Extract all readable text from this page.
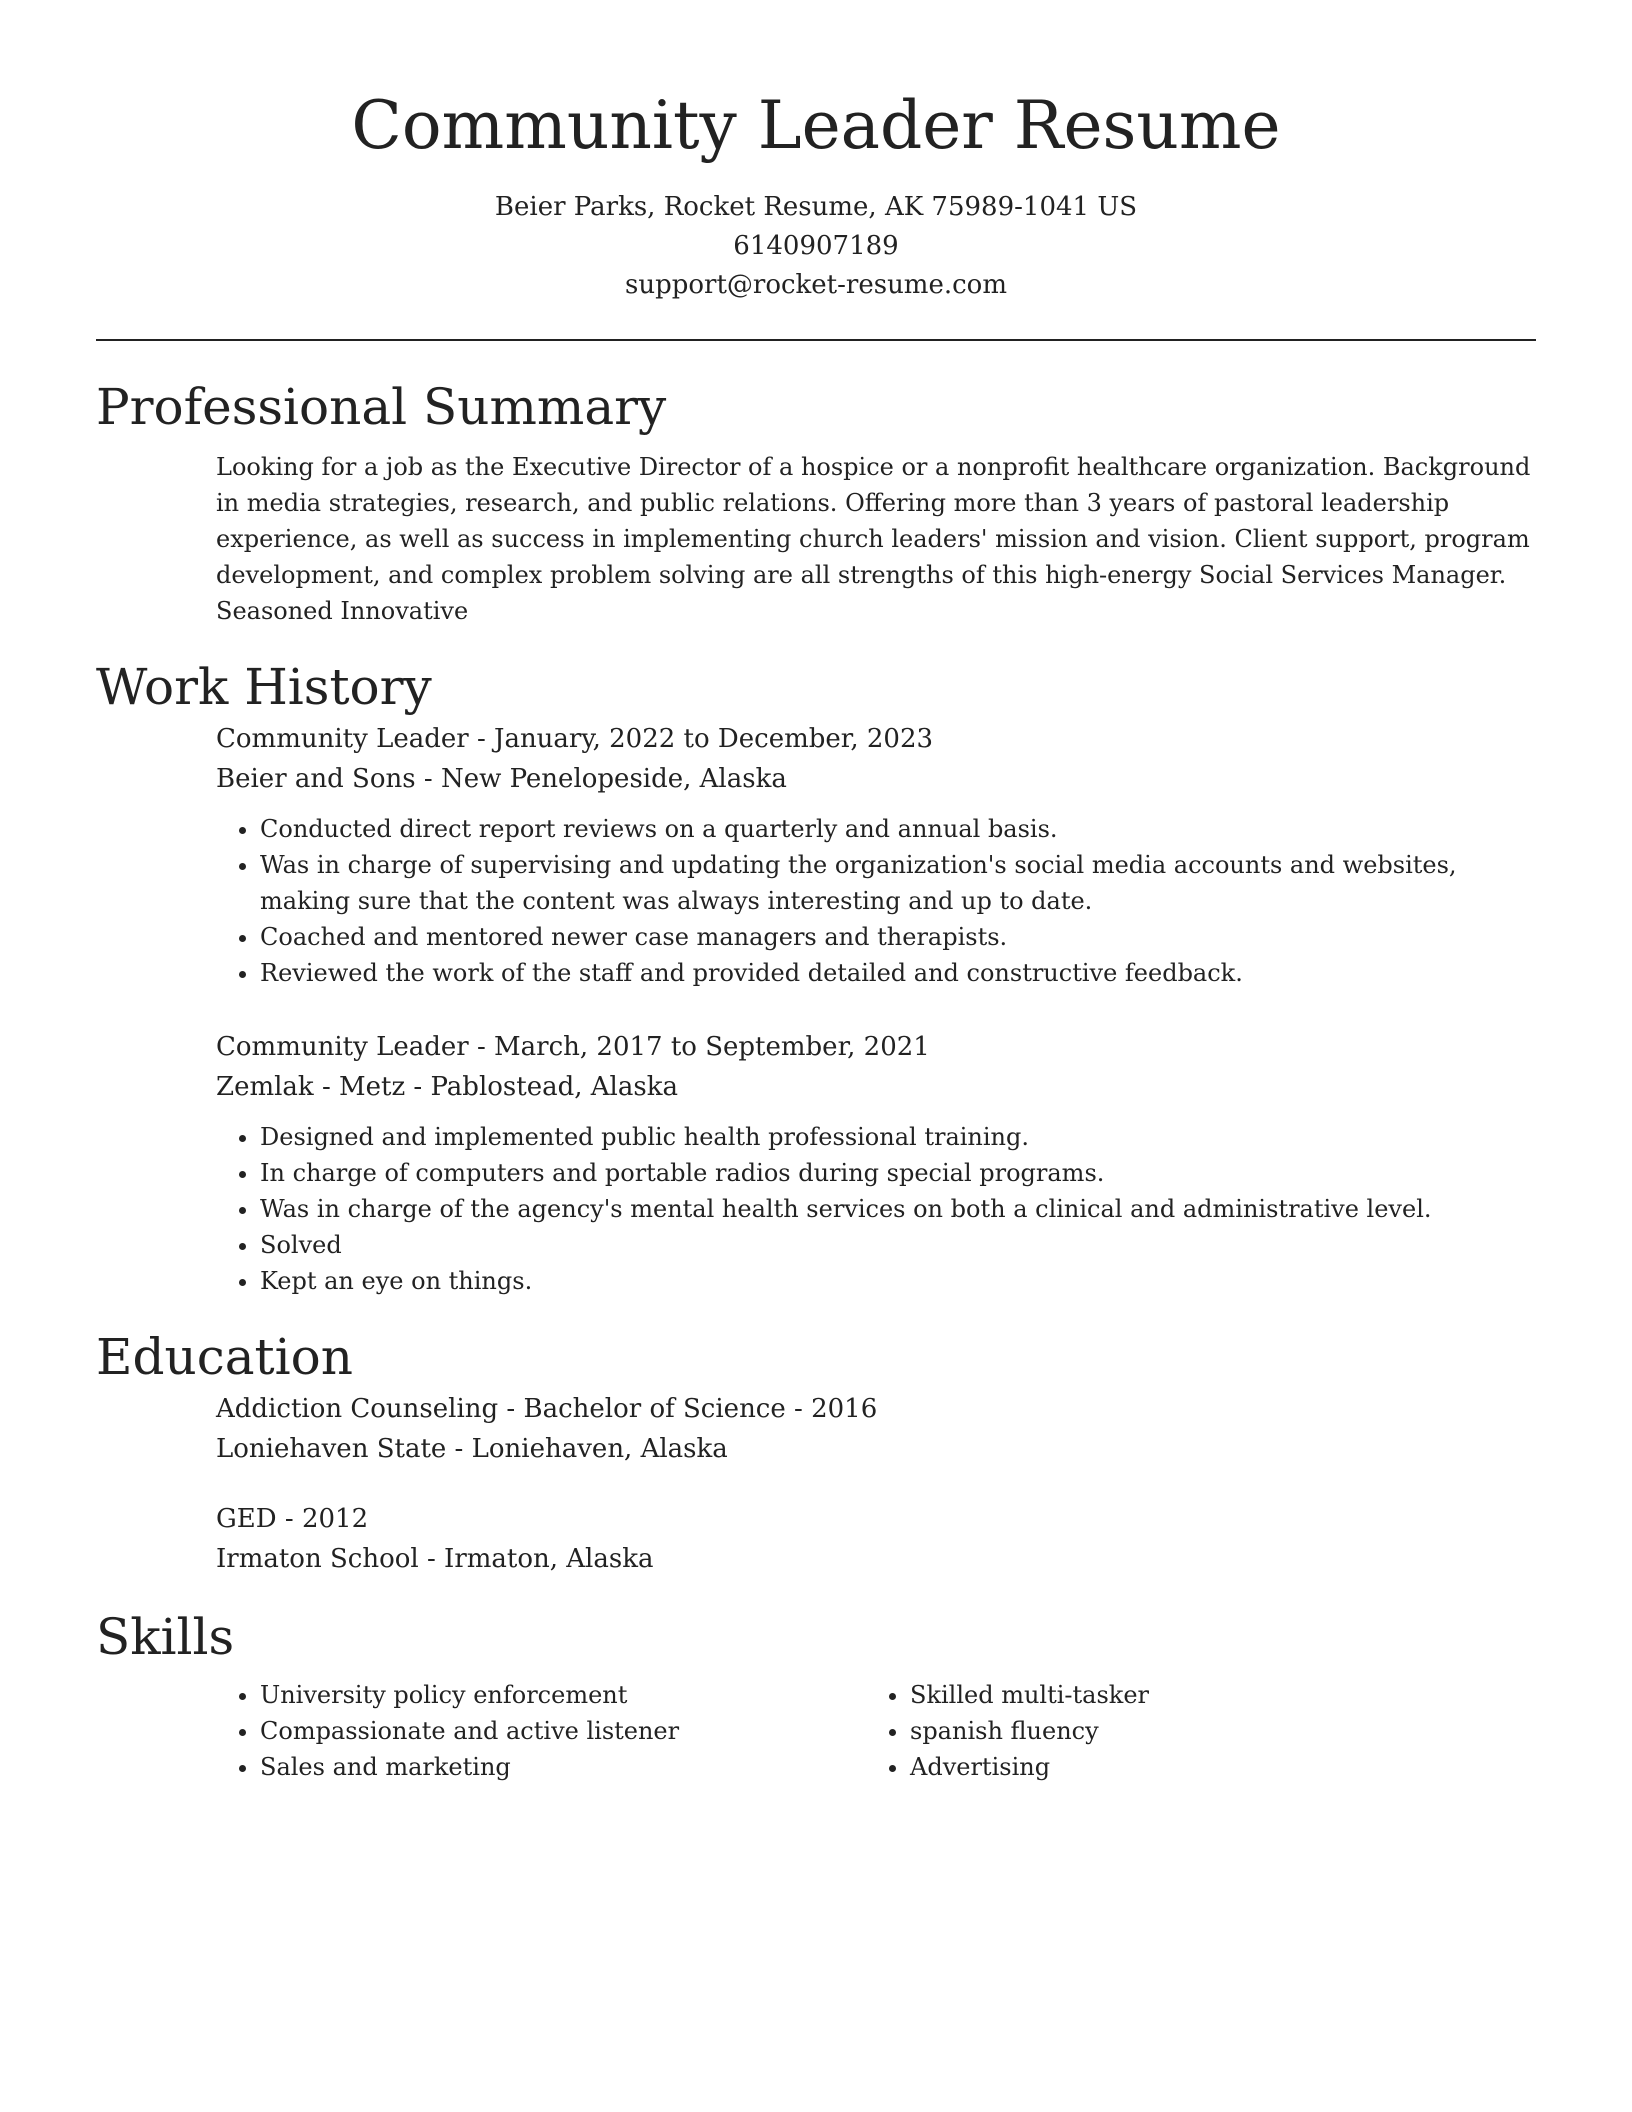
Community Leader Resume
Beier Parks, Rocket Resume, AK 75989-1041 US
6140907189
support@rocket-resume.com
Professional Summary
Looking for a job as the Executive Director of a hospice or a nonprofit healthcare organization. Background in media strategies, research, and public relations. Offering more than 3 years of pastoral leadership experience, as well as success in implementing church leaders' mission and vision. Client support, program development, and complex problem solving are all strengths of this high-energy Social Services Manager. Seasoned Innovative
Work History
Community Leader - January, 2022 to December, 2023
Beier and Sons - New Penelopeside, Alaska
• Conducted direct report reviews on a quarterly and annual basis.
• Was in charge of supervising and updating the organization's social media accounts and websites, making sure that the content was always interesting and up to date.
• Coached and mentored newer case managers and therapists.
• Reviewed the work of the staff and provided detailed and constructive feedback.
Community Leader - March, 2017 to September, 2021
Zemlak - Metz - Pablostead, Alaska
• Designed and implemented public health professional training.
• In charge of computers and portable radios during special programs.
• Was in charge of the agency's mental health services on both a clinical and administrative level.
• Solved
• Kept an eye on things.
Education
Addiction Counseling - Bachelor of Science - 2016
Loniehaven State - Loniehaven, Alaska
GED - 2012
Irmaton School - Irmaton, Alaska
Skills
• University policy enforcement
• Compassionate and active listener
• Sales and marketing
• Skilled multi-tasker
• spanish fluency
• Advertising
